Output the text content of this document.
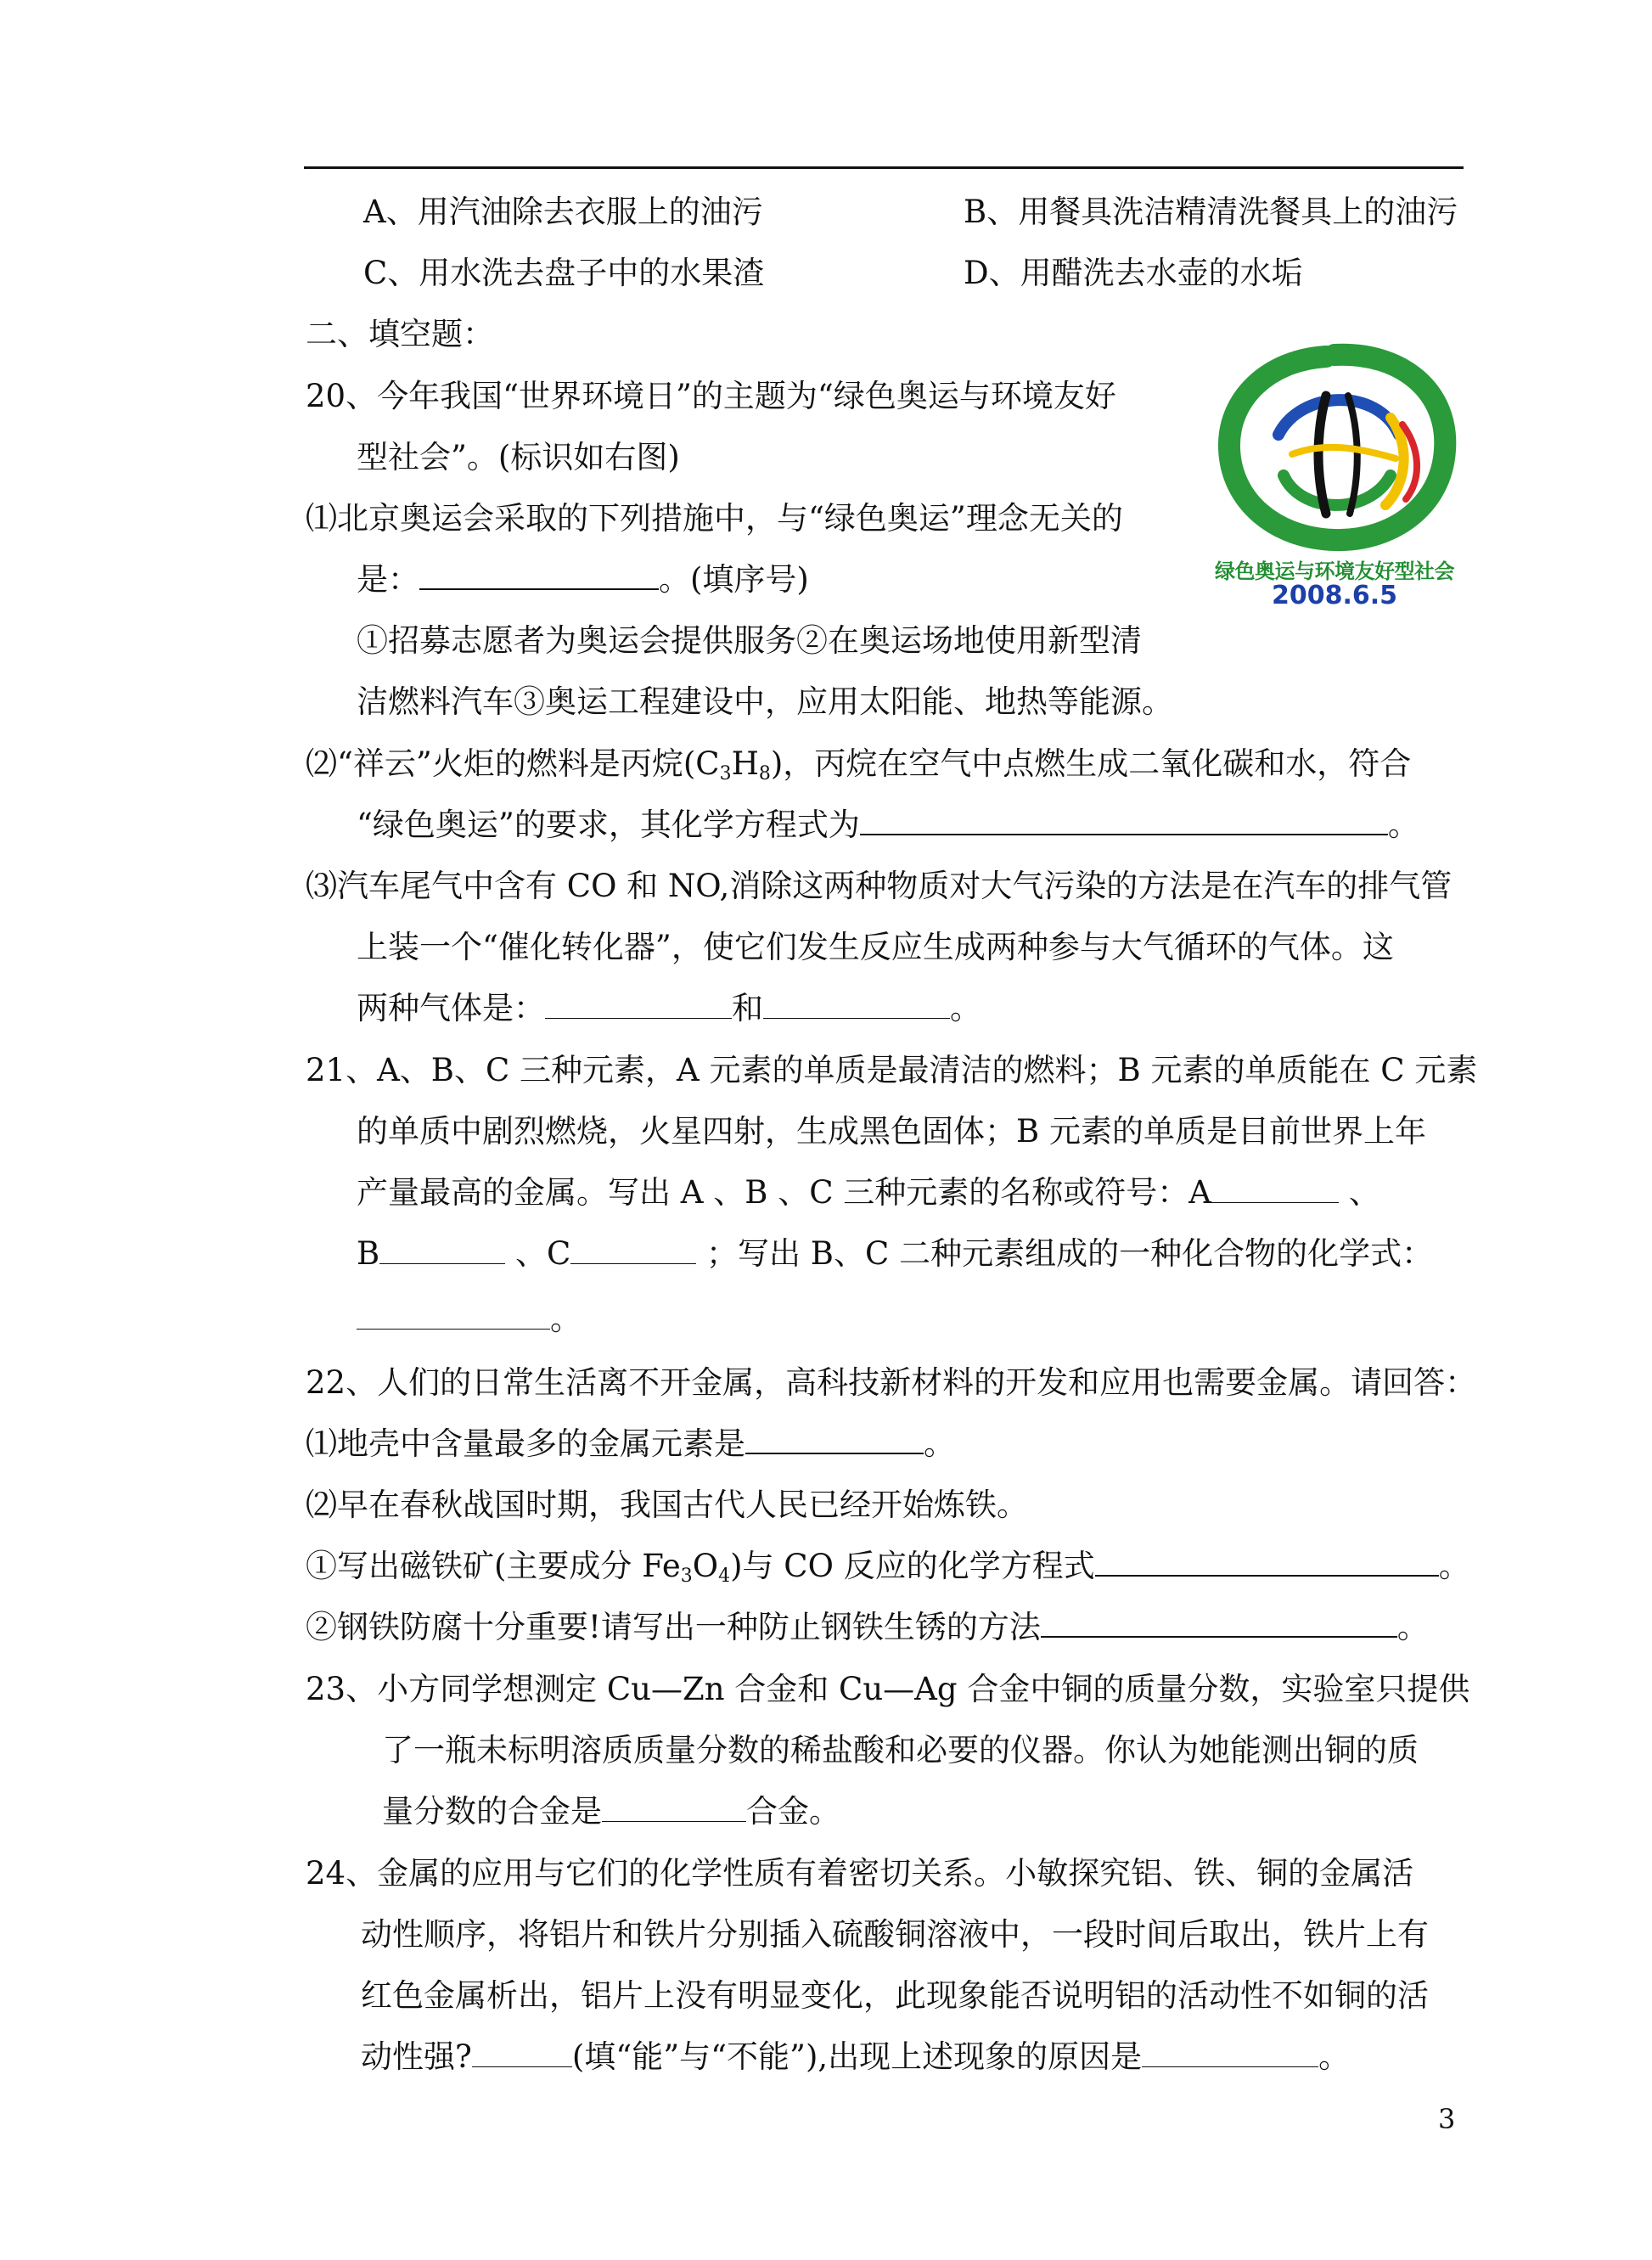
A、用汽油除去衣服上的油污	B、用餐具洗洁精清洗餐具上的油污
C、用水洗去盘子中的水果渣	D、用醋洗去水壶的水垢
二、填空题：
20、今年我国“世界环境日”的主题为“绿色奥运与环境友好
型社会”。(标识如右图)
⑴北京奥运会采取的下列措施中，与“绿色奥运”理念无关的
是：	。(填序号)
①招募志愿者为奥运会提供服务②在奥运场地使用新型清
洁燃料汽车③奥运工程建设中，应用太阳能、地热等能源。
⑵“祥云”火炬的燃料是丙烷$(C_3H_8)$，丙烷在空气中点燃生成二氧化碳和水，符合
“绿色奥运”的要求，其化学方程式为	。
⑶汽车尾气中含有 CO 和 NO,消除这两种物质对大气污染的方法是在汽车的排气管
上装一个“催化转化器”，使它们发生反应生成两种参与大气循环的气体。这
两种气体是：	和	。
绿色奥运与环境友好型社会
2008.6.5
21、A、B、C 三种元素，A 元素的单质是最清洁的燃料；B 元素的单质能在 C 元素
的单质中剧烈燃烧，火星四射，生成黑色固体；B 元素的单质是目前世界上年
产量最高的金属。写出 A 、B 、C 三种元素的名称或符号：A	、
B	、C	；写出 B、C 二种元素组成的一种化合物的化学式：
。
22、人们的日常生活离不开金属，高科技新材料的开发和应用也需要金属。请回答：
⑴地壳中含量最多的金属元素是	。
⑵早在春秋战国时期，我国古代人民已经开始炼铁。
①写出磁铁矿(主要成分 $Fe_3O_4$)与 CO 反应的化学方程式	。
②钢铁防腐十分重要!请写出一种防止钢铁生锈的方法	。
23、小方同学想测定 Cu—Zn 合金和 Cu—Ag 合金中铜的质量分数，实验室只提供
了一瓶未标明溶质质量分数的稀盐酸和必要的仪器。你认为她能测出铜的质
量分数的合金是	合金。
24、金属的应用与它们的化学性质有着密切关系。小敏探究铝、铁、铜的金属活
动性顺序，将铝片和铁片分别插入硫酸铜溶液中，一段时间后取出，铁片上有
红色金属析出，铝片上没有明显变化，此现象能否说明铝的活动性不如铜的活
动性强?	(填“能”与“不能”),出现上述现象的原因是	。
3
